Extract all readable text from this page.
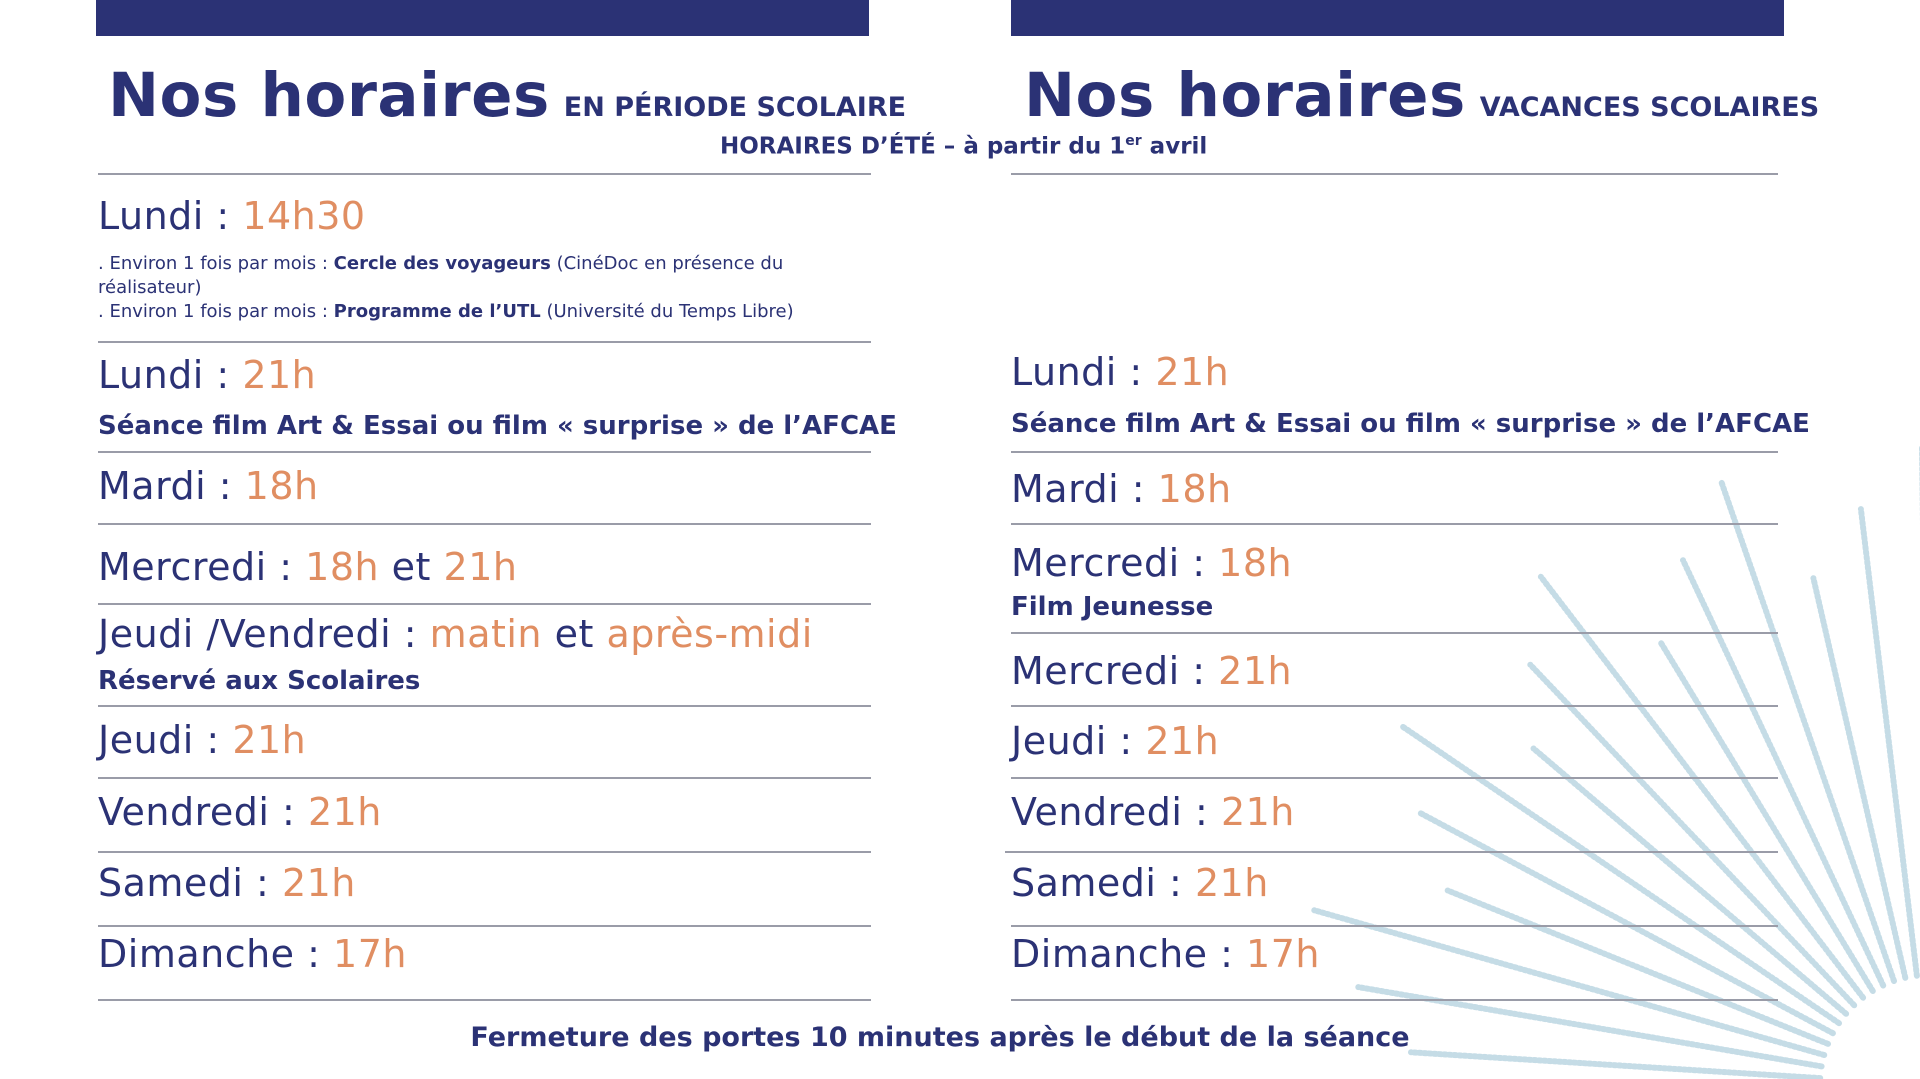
Nos horaires EN PÉRIODE SCOLAIRE
HORAIRES D’ÉTÉ – à partir du 1er avril
Lundi : 14h30
. Environ 1 fois par mois : Cercle des voyageurs (CinéDoc en présence du réalisateur)
. Environ 1 fois par mois : Programme de l’UTL (Université du Temps Libre)
Lundi : 21h
Séance film Art & Essai ou film « surprise » de l’AFCAE
Mardi : 18h
Mercredi : 18h et 21h
Jeudi /Vendredi : matin et après-midi
Réservé aux Scolaires
Jeudi : 21h
Vendredi : 21h
Samedi : 21h
Dimanche : 17h
Nos horaires VACANCES SCOLAIRES
Lundi : 21h
Séance film Art & Essai ou film « surprise » de l’AFCAE
Mardi : 18h
Mercredi : 18h
Film Jeunesse
Mercredi : 21h
Jeudi : 21h
Vendredi : 21h
Samedi : 21h
Dimanche : 17h
Fermeture des portes 10 minutes après le début de la séance
